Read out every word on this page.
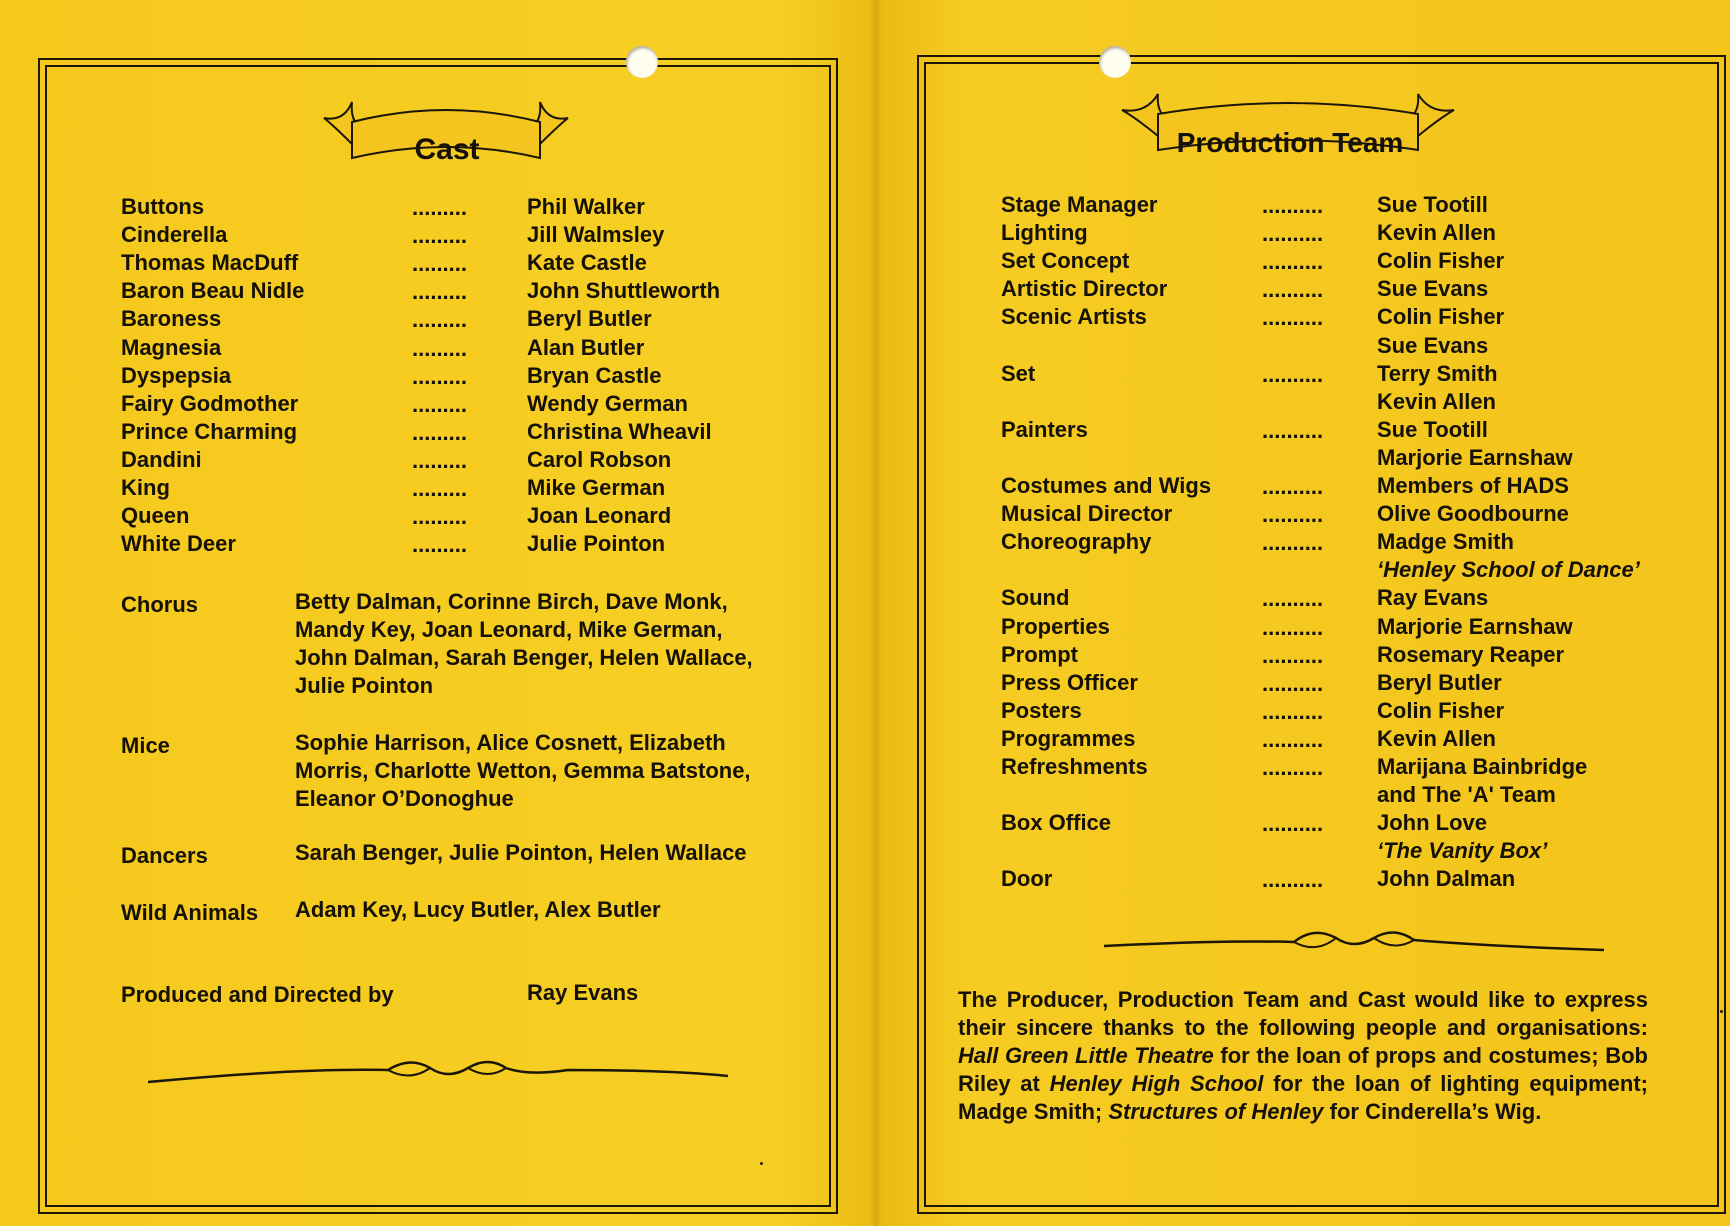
Cast	Production Team
Buttons	.........	Phil Walker
Cinderella	.........	Jill Walmsley
Thomas MacDuff	.........	Kate Castle
Baron Beau Nidle	.........	John Shuttleworth
Baroness	.........	Beryl Butler
Magnesia	.........	Alan Butler
Dyspepsia	.........	Bryan Castle
Fairy Godmother	.........	Wendy German
Prince Charming	.........	Christina Wheavil
Dandini	.........	Carol Robson
King	.........	Mike German
Queen	.........	Joan Leonard
White Deer	.........	Julie Pointon
Chorus	Betty Dalman, Corinne Birch, Dave Monk,
Mandy Key, Joan Leonard, Mike German,
John Dalman, Sarah Benger, Helen Wallace,
Julie Pointon
Mice	Sophie Harrison, Alice Cosnett, Elizabeth
Morris, Charlotte Wetton, Gemma Batstone,
Eleanor O’Donoghue
Dancers	Sarah Benger, Julie Pointon, Helen Wallace
Wild Animals Adam Key, Lucy Butler, Alex Butler
Produced and Directed by	Ray Evans
Stage Manager	.......... Sue Tootill
Lighting	.......... Kevin Allen
Set Concept	.......... Colin Fisher
Artistic Director	.......... Sue Evans
Scenic Artists	.......... Colin Fisher
Sue Evans
Set	.......... Terry Smith
Kevin Allen
Painters	.......... Sue Tootill
Marjorie Earnshaw
Costumes and Wigs .......... Members of HADS
Musical Director	.......... Olive Goodbourne
Choreography	.......... Madge Smith
‘Henley School of Dance’
Sound	.......... Ray Evans
Properties	.......... Marjorie Earnshaw
Prompt	.......... Rosemary Reaper
Press Officer	.......... Beryl Butler
Posters	.......... Colin Fisher
Programmes	.......... Kevin Allen
Refreshments	.......... Marijana Bainbridge
and The 'A' Team
Box Office	.......... John Love
‘The Vanity Box’
Door	.......... John Dalman
The Producer, Production Team and Cast would like to express their sincere thanks to the following people and organisations: Hall Green Little Theatre for the loan of props and costumes; Bob Riley at Henley High School for the loan of lighting equipment; Madge Smith; Structures of Henley for Cinderella’s Wig.
